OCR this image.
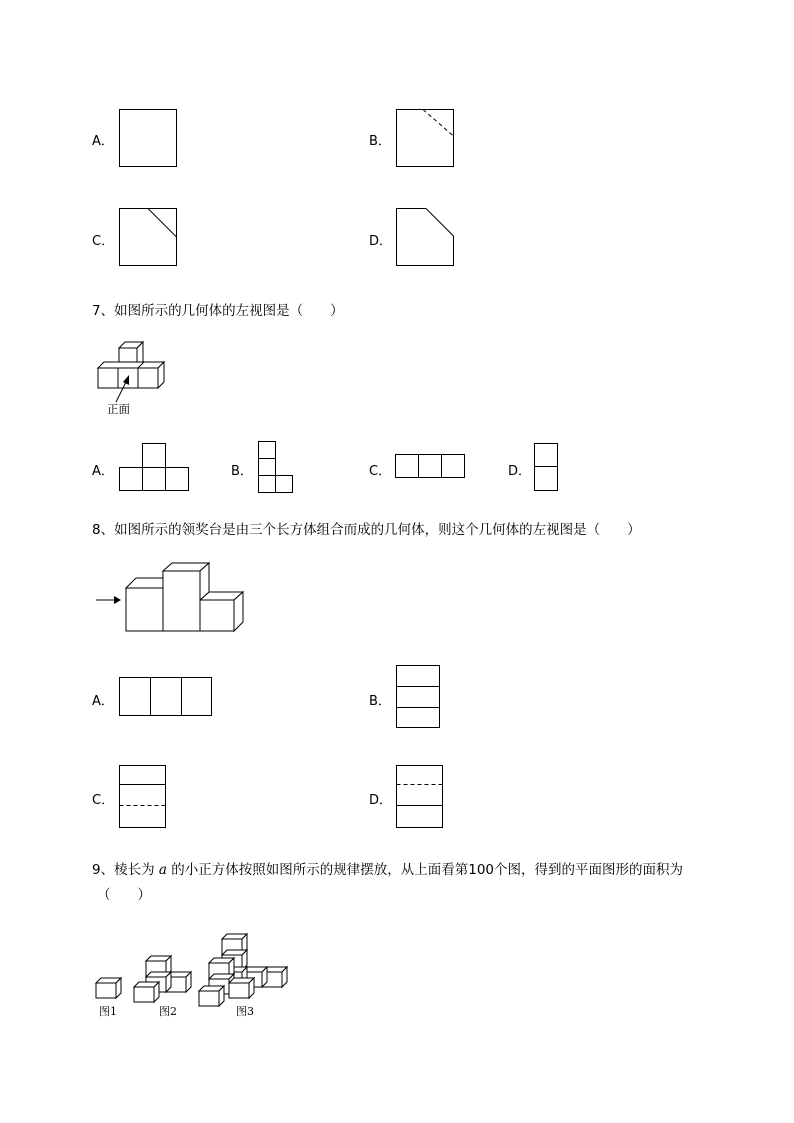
A．	B．
C．	D．
7、如图所示的几何体的左视图是（　　）
正面
A．	B．	C．	D．
8、如图所示的领奖台是由三个长方体组合而成的几何体，则这个几何体的左视图是（　　）
A．	B．
C．	D．
9、棱长为 a 的小正方体按照如图所示的规律摆放，从上面看第100个图，得到的平面图形的面积为
（　　）
图1	图2	图3
